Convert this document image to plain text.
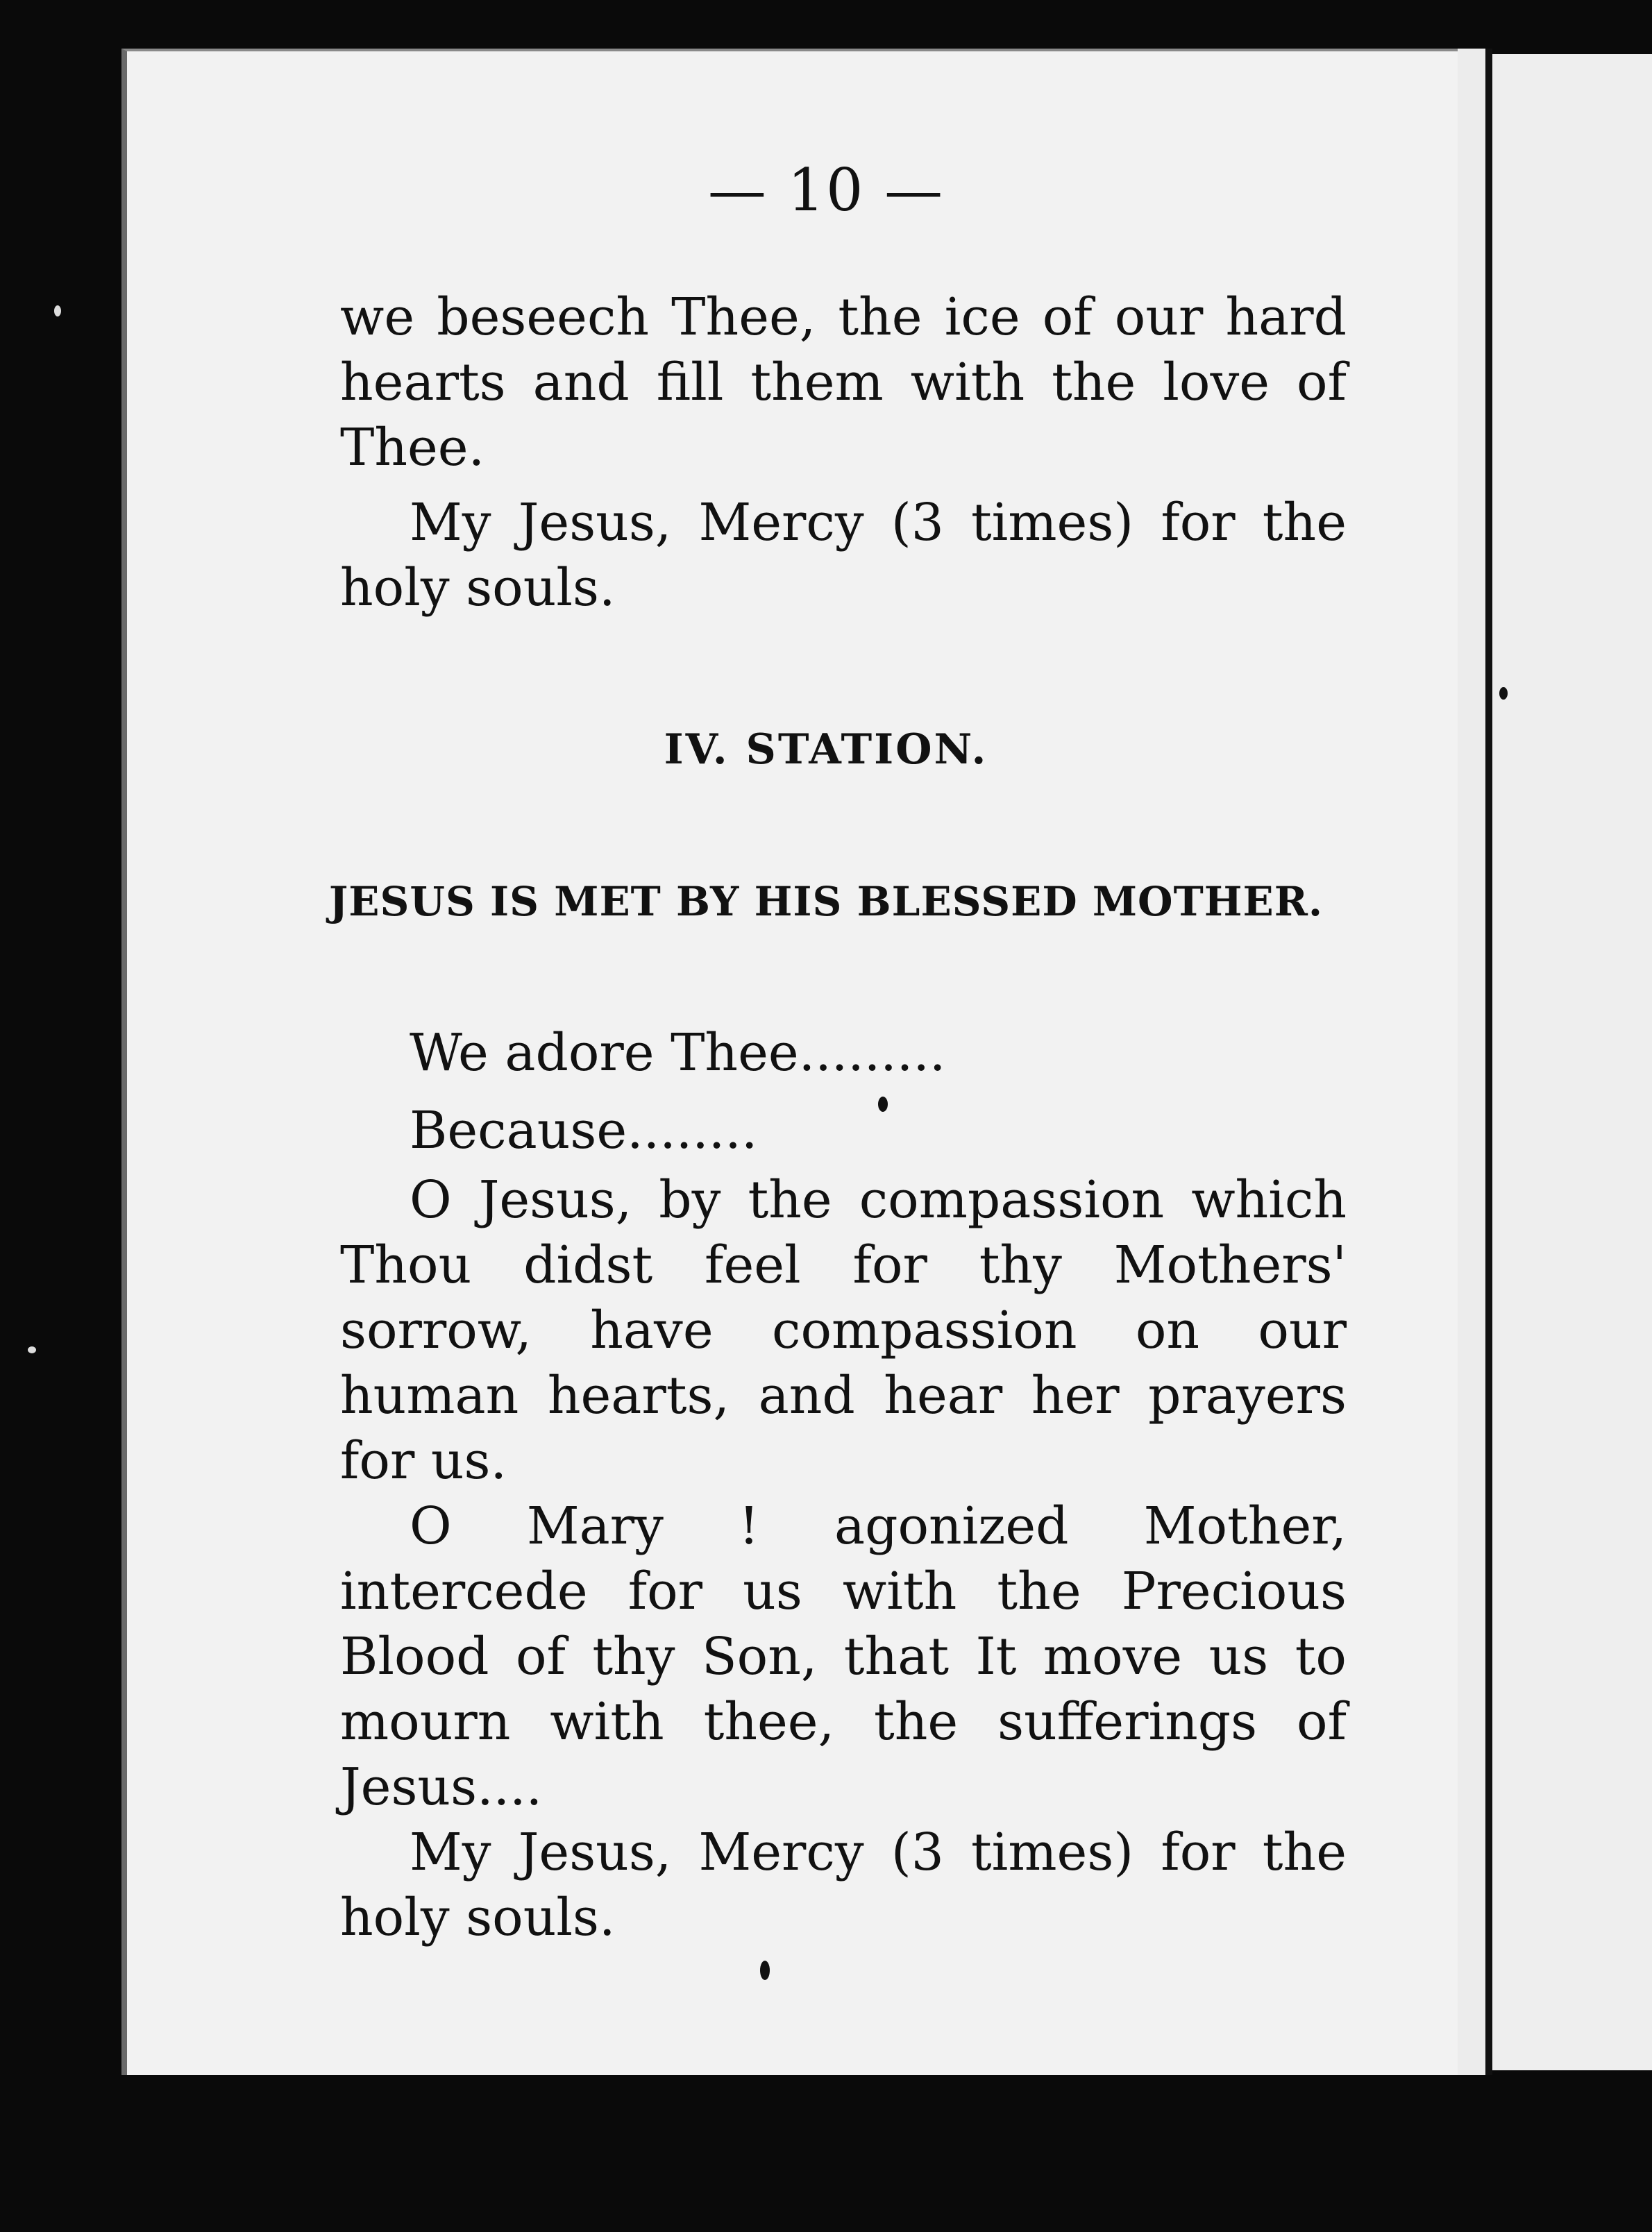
— 10 —

we beseech Thee, the ice of our hard hearts and fill them with the love of Thee.

My Jesus, Mercy (3 times) for the holy souls.

IV. STATION.
JESUS IS MET BY HIS BLESSED MOTHER.

We adore Thee.........

Because........

O Jesus, by the compassion which Thou didst feel for thy Mothers' sorrow, have compassion on our human hearts, and hear her prayers for us.

O Mary ! agonized Mother, intercede for us with the Precious Blood of thy Son, that It move us to mourn with thee, the sufferings of Jesus....

My Jesus, Mercy (3 times) for the holy souls.
